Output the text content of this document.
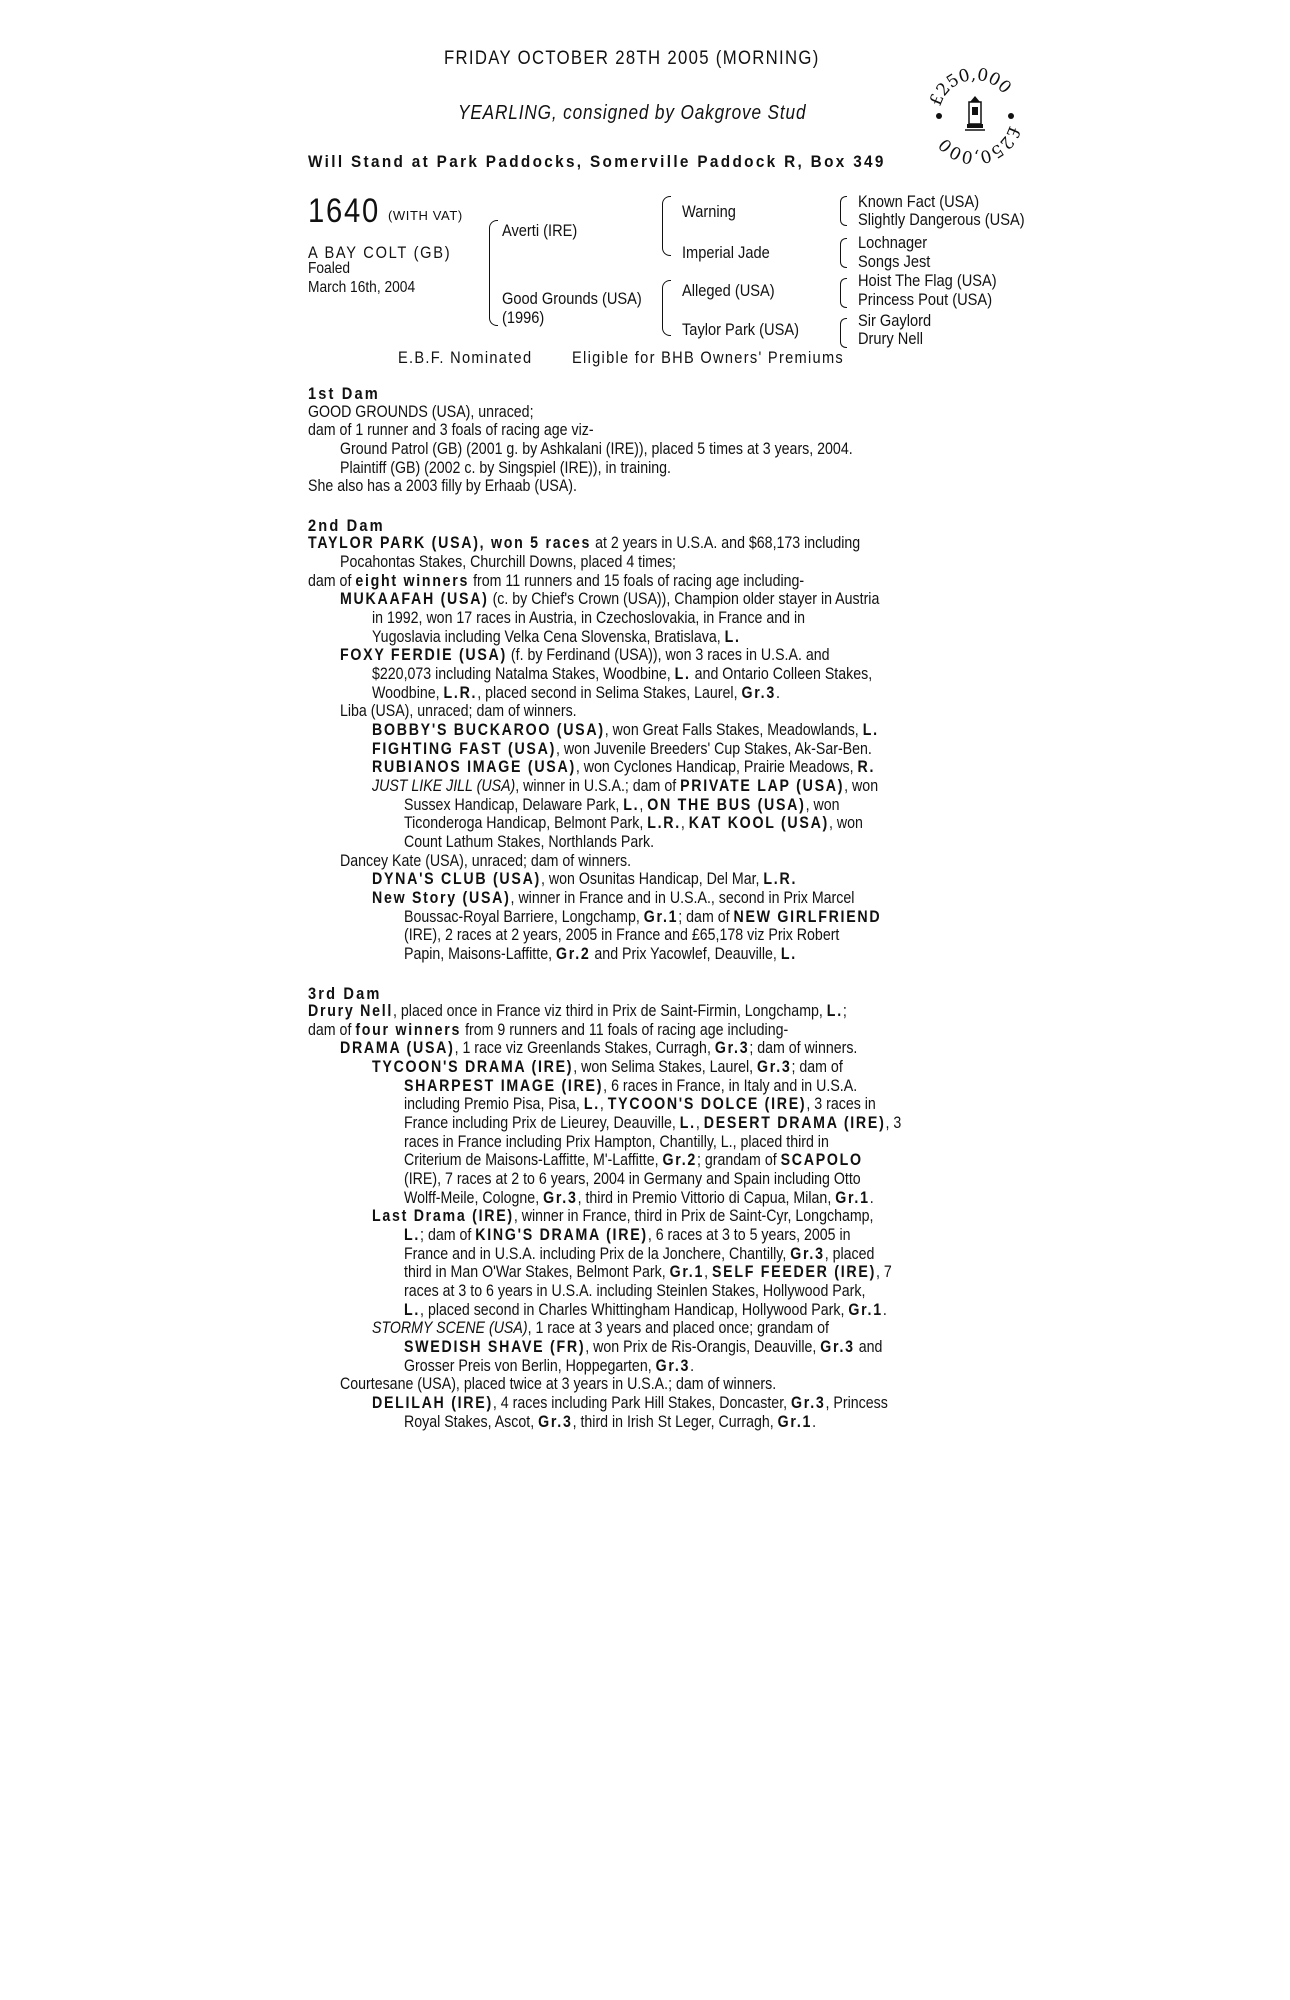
FRIDAY OCTOBER 28TH 2005 (MORNING)
YEARLING, consigned by Oakgrove Stud
Will Stand at Park Paddocks, Somerville Paddock R, Box 349
£250,000
£250,000
1640 (WITH VAT)
A BAY COLT (GB)
Foaled
March 16th, 2004
Averti (IRE)
Good Grounds (USA)
(1996)
Warning
Imperial Jade
Alleged (USA)
Taylor Park (USA)
Known Fact (USA)
Slightly Dangerous (USA)
Lochnager
Songs Jest
Hoist The Flag (USA)
Princess Pout (USA)
Sir Gaylord
Drury Nell
E.B.F. Nominated Eligible for BHB Owners' Premiums
1st Dam
GOOD GROUNDS (USA), unraced;
dam of 1 runner and 3 foals of racing age viz-
Ground Patrol (GB) (2001 g. by Ashkalani (IRE)), placed 5 times at 3 years, 2004.
Plaintiff (GB) (2002 c. by Singspiel (IRE)), in training.
She also has a 2003 filly by Erhaab (USA).
2nd Dam
TAYLOR PARK (USA), won 5 races at 2 years in U.S.A. and $68,173 including
Pocahontas Stakes, Churchill Downs, placed 4 times;
dam of eight winners from 11 runners and 15 foals of racing age including-
MUKAAFAH (USA) (c. by Chief's Crown (USA)), Champion older stayer in Austria
in 1992, won 17 races in Austria, in Czechoslovakia, in France and in
Yugoslavia including Velka Cena Slovenska, Bratislava, L.
FOXY FERDIE (USA) (f. by Ferdinand (USA)), won 3 races in U.S.A. and
$220,073 including Natalma Stakes, Woodbine, L. and Ontario Colleen Stakes,
Woodbine, L.R., placed second in Selima Stakes, Laurel, Gr.3.
Liba (USA), unraced; dam of winners.
BOBBY'S BUCKAROO (USA), won Great Falls Stakes, Meadowlands, L.
FIGHTING FAST (USA), won Juvenile Breeders' Cup Stakes, Ak-Sar-Ben.
RUBIANOS IMAGE (USA), won Cyclones Handicap, Prairie Meadows, R.
JUST LIKE JILL (USA), winner in U.S.A.; dam of PRIVATE LAP (USA), won
Sussex Handicap, Delaware Park, L., ON THE BUS (USA), won
Ticonderoga Handicap, Belmont Park, L.R., KAT KOOL (USA), won
Count Lathum Stakes, Northlands Park.
Dancey Kate (USA), unraced; dam of winners.
DYNA'S CLUB (USA), won Osunitas Handicap, Del Mar, L.R.
New Story (USA), winner in France and in U.S.A., second in Prix Marcel
Boussac-Royal Barriere, Longchamp, Gr.1; dam of NEW GIRLFRIEND
(IRE), 2 races at 2 years, 2005 in France and £65,178 viz Prix Robert
Papin, Maisons-Laffitte, Gr.2 and Prix Yacowlef, Deauville, L.
3rd Dam
Drury Nell, placed once in France viz third in Prix de Saint-Firmin, Longchamp, L.;
dam of four winners from 9 runners and 11 foals of racing age including-
DRAMA (USA), 1 race viz Greenlands Stakes, Curragh, Gr.3; dam of winners.
TYCOON'S DRAMA (IRE), won Selima Stakes, Laurel, Gr.3; dam of
SHARPEST IMAGE (IRE), 6 races in France, in Italy and in U.S.A.
including Premio Pisa, Pisa, L., TYCOON'S DOLCE (IRE), 3 races in
France including Prix de Lieurey, Deauville, L., DESERT DRAMA (IRE), 3
races in France including Prix Hampton, Chantilly, L., placed third in
Criterium de Maisons-Laffitte, M'-Laffitte, Gr.2; grandam of SCAPOLO
(IRE), 7 races at 2 to 6 years, 2004 in Germany and Spain including Otto
Wolff-Meile, Cologne, Gr.3, third in Premio Vittorio di Capua, Milan, Gr.1.
Last Drama (IRE), winner in France, third in Prix de Saint-Cyr, Longchamp,
L.; dam of KING'S DRAMA (IRE), 6 races at 3 to 5 years, 2005 in
France and in U.S.A. including Prix de la Jonchere, Chantilly, Gr.3, placed
third in Man O'War Stakes, Belmont Park, Gr.1, SELF FEEDER (IRE), 7
races at 3 to 6 years in U.S.A. including Steinlen Stakes, Hollywood Park,
L., placed second in Charles Whittingham Handicap, Hollywood Park, Gr.1.
STORMY SCENE (USA), 1 race at 3 years and placed once; grandam of
SWEDISH SHAVE (FR), won Prix de Ris-Orangis, Deauville, Gr.3 and
Grosser Preis von Berlin, Hoppegarten, Gr.3.
Courtesane (USA), placed twice at 3 years in U.S.A.; dam of winners.
DELILAH (IRE), 4 races including Park Hill Stakes, Doncaster, Gr.3, Princess
Royal Stakes, Ascot, Gr.3, third in Irish St Leger, Curragh, Gr.1.
